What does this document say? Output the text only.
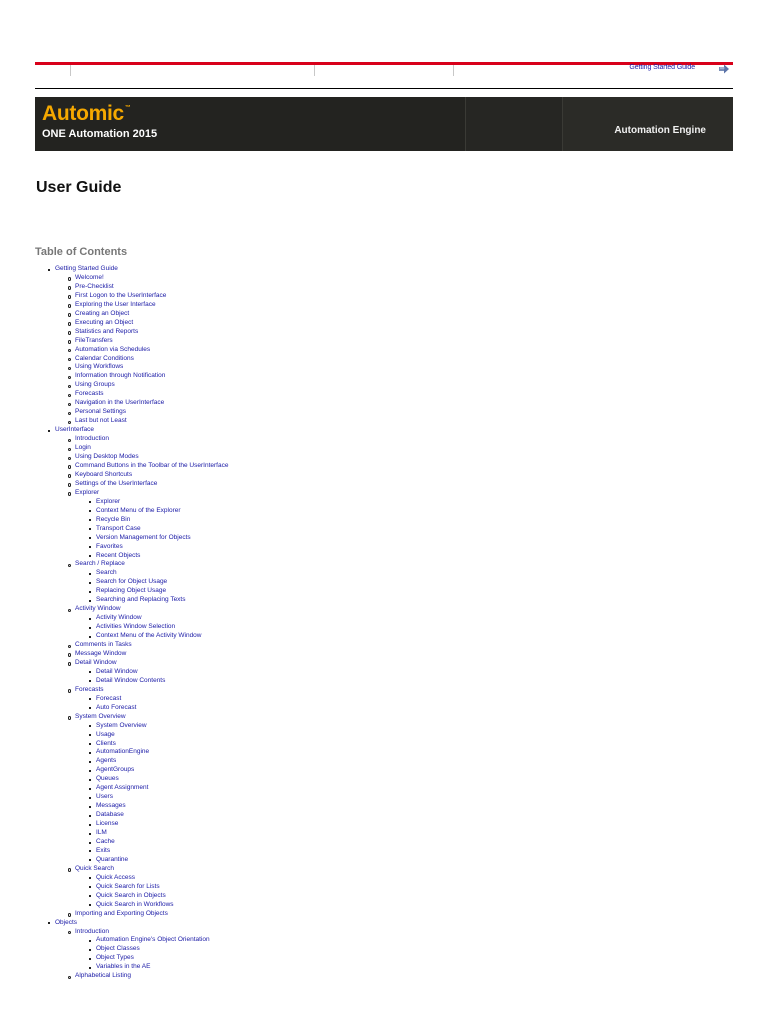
Getting Started Guide
Automic™
ONE Automation 2015	Automation Engine
User Guide
Table of Contents
Getting Started Guide
Welcome!
Pre-Checklist
First Logon to the UserInterface
Exploring the User Interface
Creating an Object
Executing an Object
Statistics and Reports
FileTransfers
Automation via Schedules
Calendar Conditions
Using Workflows
Information through Notification
Using Groups
Forecasts
Navigation in the UserInterface
Personal Settings
Last but not Least
UserInterface
Introduction
Login
Using Desktop Modes
Command Buttons in the Toolbar of the UserInterface
Keyboard Shortcuts
Settings of the UserInterface
Explorer
Explorer
Context Menu of the Explorer
Recycle Bin
Transport Case
Version Management for Objects
Favorites
Recent Objects
Search / Replace
Search
Search for Object Usage
Replacing Object Usage
Searching and Replacing Texts
Activity Window
Activity Window
Activities Window Selection
Context Menu of the Activity Window
Comments in Tasks
Message Window
Detail Window
Detail Window
Detail Window Contents
Forecasts
Forecast
Auto Forecast
System Overview
System Overview
Usage
Clients
AutomationEngine
Agents
AgentGroups
Queues
Agent Assignment
Users
Messages
Database
License
ILM
Cache
Exits
Quarantine
Quick Search
Quick Access
Quick Search for Lists
Quick Search in Objects
Quick Search in Workflows
Importing and Exporting Objects
Objects
Introduction
Automation Engine's Object Orientation
Object Classes
Object Types
Variables in the AE
Alphabetical Listing
